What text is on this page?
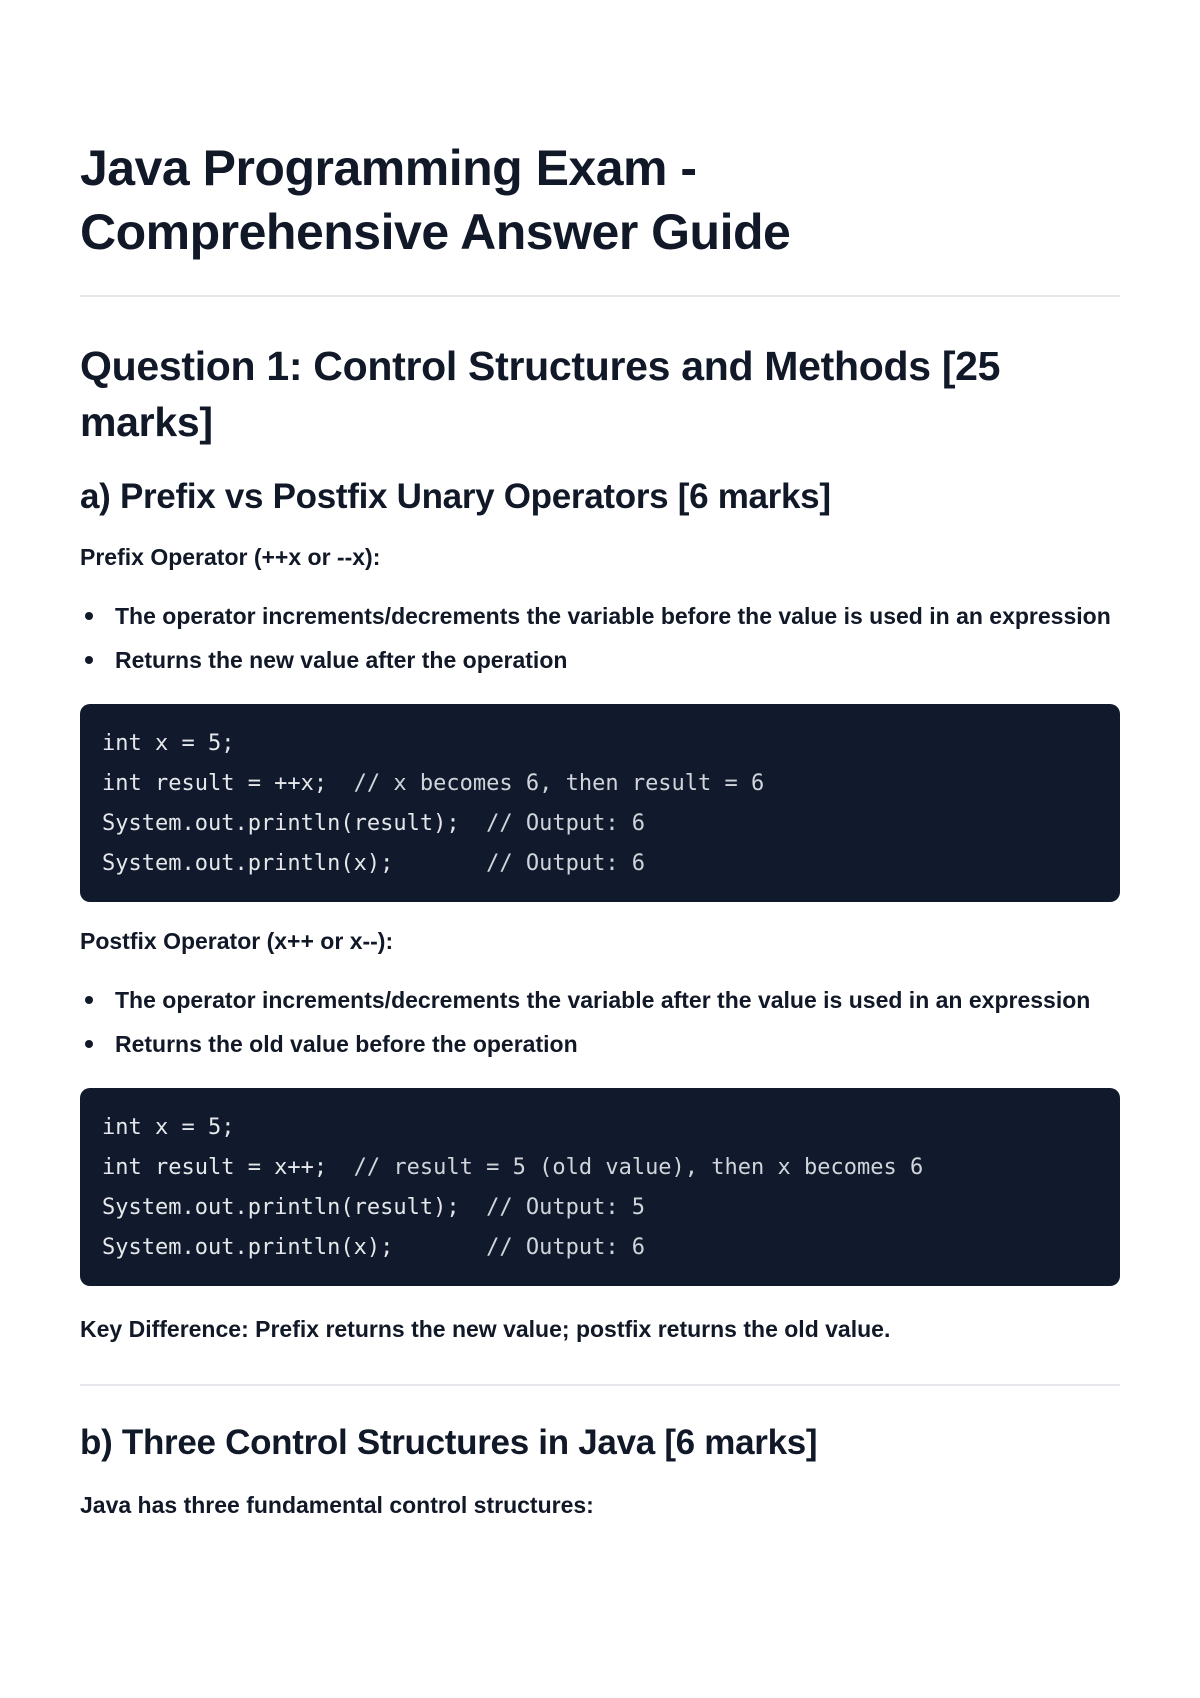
Java Programming Exam -
Comprehensive Answer Guide
Question 1: Control Structures and Methods [25 marks]
a) Prefix vs Postfix Unary Operators [6 marks]

Prefix Operator (++x or --x):

The operator increments/decrements the variable before the value is used in an expression
Returns the new value after the operation
int x = 5;
int result = ++x;  // x becomes 6, then result = 6
System.out.println(result);  // Output: 6
System.out.println(x);       // Output: 6

Postfix Operator (x++ or x--):

The operator increments/decrements the variable after the value is used in an expression
Returns the old value before the operation
int x = 5;
int result = x++;  // result = 5 (old value), then x becomes 6
System.out.println(result);  // Output: 5
System.out.println(x);       // Output: 6

Key Difference: Prefix returns the new value; postfix returns the old value.

b) Three Control Structures in Java [6 marks]

Java has three fundamental control structures:
